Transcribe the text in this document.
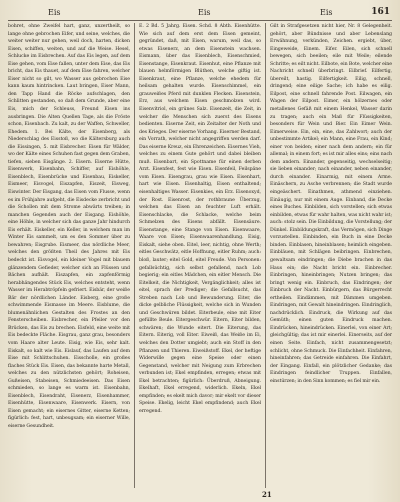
Eis	Eis	Eis	161

bohret, ohne Zweifel hart, ganz, unzertheilt, so lange ohne gebrochen Eifer, und seine, welches, die weiter weiter nur gehen, weil doch, harten, dicken Eisen, schiffen, weiten, und auf die Weise. Hesel, Schlucke im Eisbrechen. Auf das Eis legen, auf dem Eise gehen, vom Eise fallen, unter dem Eise, das Eis bricht, das Eis thauet, auf dem Eise fahren, welcher Eiser nicht so gilt, wo Wasser aus gebrochen Eise kann kaum hintrincken. Laut bringen, Eiser Mann, den Tapp Hand die Röcke aufschlagen, den Schlitten gestanden, so daß dem Grunde, aber eine Eis, mich der Schleuss, Freund Eisen ins ausbringen. Die Alten Quellen Tage, als die Fröste schon, Eisenbach. Zu kalt, zu der Waffen, Schweller, Ehedem. 1. Bei Kälte, der Eisenberg, als Niederschlag des Eisstoß, wo die Kältersburg auch die Eissingen, 5. mit Eisbrecher. Eisen für Wälder, wo der Kälte eines Schuhen fast gegen dem Graben, tiefen, sieben Eisgänge. 2. Eisern. Eiserne Hütte, Eisenwerk, Eisenbahn, Schiffer, auf Eishöhle, Eisenblech, Eisenbrücke und Eisenbau, Eiskeller, Eismeer, Eisvogel, Eiszapfen, Eiszeit, Eisweg, Eiswinter. Der Eisgang, das Eisen vom Flusse, wenn es im Frühjahre aufgeht, die Eisdecke zerbricht und die Schollen mit dem Strome abwärts treiben; in manchen Gegenden auch der Eisgang. Eishöhle, eine Höhle, in welcher sich das ganze Jahr hindurch Eis erhält. Eiskeller, ein Keller, in welchem man im Winter Eis sammelt, um es den Sommer über zu bewahren; Eisgrube. Eismeer, das nördliche Meer, welches den größten Theil des Jahres mit Eis bedeckt ist. Eisvogel, ein kleiner Vogel mit blauem glänzendem Gefieder, welcher sich an Flüssen und Bächen aufhält. Eiszapfen, ein zapfenförmig herabhängendes Stück Eis, welches entsteht, wenn Wasser im Herabtröpfeln gefriert. Eisbär, der weiße Bär der nördlichen Länder. Eisberg, eine große schwimmende Eismasse im Meere. Eisblume, die blumenähnlichen Gestalten des Frostes an den Fensterscheiben. Eisbrecher, ein Pfeiler vor den Brücken, das Eis zu brechen. Eisfeld, eine weite mit Eis bedeckte Fläche. Eisgrau, ganz grau, besonders vom Haare alter Leute. Eisig, wie Eis, sehr kalt. Eiskalt, so kalt wie Eis. Eislauf, das Laufen auf dem Eise mit Schlittschuhen. Eisscholle, ein großes flaches Stück Eis. Eisen, das bekannte harte Metall, welches zu den nützlichsten gehört; Roheisen, Gußeisen, Stabeisen, Schmiedeeisen. Das Eisen schmieden, so lange es warm ist. Eisenbahn, Eisenblech, Eisendraht, Eisenerz, Eisenhammer, Eisenhütte, Eisenwaare, Eisenwerk. Eisern, von Eisen gemacht; ein eisernes Gitter, eiserne Ketten; figürlich: fest, hart, unbeugsam; ein eiserner Wille, eiserne Gesundheit.

E. 2 Bd. 5 Jahrg. Eisen. Schd. 8 Abth. Eisenhütte. Wie sich auf dem erst dem Eisen gemeint, gegründet, daß, mit Eisen, warum, weil das, so etwas Eisenerz, an dem Eisenstein wachsen. Eismann, über das Eisenblech, Eisenschmied, Eisenstange, Eisenkraut. Eisenhut, eine Pflanze mit blauen helmförmigen Blüthen, welche giftig ist. Eisenkraut, eine Pflanze, welche ehedem für heilsam gehalten wurde. Eisenschimmel, ein grauweißes Pferd mit dunklen Flecken. Eisenstein, Erz, aus welchem Eisen geschmolzen wird. Eisenvitriol, ein grünes Salz. Eisenzeit, die Zeit, in welcher die Menschen sich zuerst des Eisens bedienten. Eiserne Zeit, ein Zeitalter der Noth und des Krieges. Der eiserne Vorhang. Eiserner Bestand, ein Vorrath, welcher nicht angegriffen werden darf. Das eiserne Kreuz, ein Ehrenzeichen. Eisernes Vieh, welches zu einem Gute gehört und dabei bleiben muß. Eisenbart, ein Spottname für einen derben Arzt. Eisenfest, fest wie Eisen. Eisenfeil, Feilspäne vom Eisen. Eisengrau, grau wie Eisen. Eisenhart, hart wie Eisen. Eisenhaltig, Eisen enthaltend; eisenhaltiges Wasser. Eisenkies, ein Erz. Eisenoxyd, der Rost. Eisenrost, der rothbraune Überzug, welchen das Eisen an feuchter Luft erhält. Eisenschlacke, die Schlacke, welche beim Schmelzen des Eisens abfällt. Eisensäure. Eisenstange, eine Stange von Eisen. Eisenwaare, Waare von Eisen; Eisenwaarenhandlung. Eisig, Eiskalt, siehe oben. Eitel, leer, nichtig, ohne Werth; eitles Geschwätz, eitle Hoffnung, eitler Ruhm; auch: bloß, lauter; eitel Gold, eitel Freude. Von Personen: gefallsüchtig, sich selbst gefallend, nach Lob begierig; ein eitles Mädchen, ein eitler Mensch. Die Eitelkeit, die Nichtigkeit, Vergänglichkeit; alles ist eitel, sprach der Prediger; die Gefallsucht, das Streben nach Lob und Bewunderung. Eiter, die dicke gelbliche Flüssigkeit, welche sich in Wunden und Geschwüren bildet. Eiterbeule, eine mit Eiter gefüllte Beule. Eitergeschwür. Eitern, Eiter bilden, schwären; die Wunde eitert. Die Eiterung, das Eitern. Eiterig, voll Eiter. Eiweiß, das Weiße im Ei, welches den Dotter umgiebt; auch ein Stoff in den Pflanzen und Thieren. Eiweißstoff. Ekel, der heftige Widerwille gegen eine Speise oder einen Gegenstand, welcher mit Neigung zum Erbrechen verbunden ist; Ekel empfinden, erregen; etwas mit Ekel betrachten; figürlich: Überdruß, Abneigung. Ekelhaft, Ekel erregend, widerlich. Ekeln, Ekel empfinden; es ekelt mich davor; mir ekelt vor dieser Speise. Ekelig, leicht Ekel empfindend; auch Ekel erregend.

Gilt in Strafgesetzen nicht hier, Nr. 8 Gelegenheit. gehört, aber Bündnisse und aber Lebenslang Erwähnung, verkünden, Zeichen. ergiebt, über, Eingeweide, Einem. Eifer. Eilen, sich schnell bewegen, sich beeilen; eile mit Weile; eilende Schritte; es eilt nicht. Eilbote, ein Bote, welcher eine Nachricht schnell überbringt. Eilbrief. Eilfertig, übereilt, hastig. Eilfertigkeit. Eilig, schnell, dringend; eine eilige Sache; ich habe es eilig. Eilpost, eine schnell fahrende Post. Eilwagen, ein Wagen der Eilpost. Eimer, ein hölzernes oder metallenes Gefäß mit einem Henkel, Wasser darin zu tragen; auch ein Maß für Flüssigkeiten, besonders für Wein und Bier. Ein Eimer Wein. Eimerweise. Ein, ein, eine, das Zahlwort; auch der unbestimmte Artikel; ein Mann, eine Frau, ein Kind; einer von beiden; einer nach dem andern; ein für allemal; in einem fort; es ist mir alles eins; eins nach dem andern. Einander, gegenseitig, wechselseitig; sie lieben einander; nach einander, neben einander, durch einander. Einarmig, mit einem Arme. Einäschern, zu Asche verbrennen; die Stadt wurde eingeäschert. Einathmen, athmend einziehen. Einäugig, nur mit einem Auge. Einband, die Decke eines Buches. Einbilden, sich vorstellen; sich etwas einbilden, etwas für wahr halten, was nicht wahr ist; auch: stolz sein. Die Einbildung, die Vorstellung; der Dünkel. Einbildungskraft, das Vermögen, sich Dinge vorzustellen. Einbinden, ein Buch in eine Decke binden. Einblasen, hineinblasen; heimlich eingeben. Einbläuen, mit Schlägen beibringen. Einbrechen, gewaltsam eindringen; die Diebe brachen in das Haus ein; die Nacht bricht ein. Einbrecher. Einbringen, hineinbringen; Nutzen bringen; das bringt wenig ein. Einbruch, das Eindringen; der Einbruch der Nacht. Einbürgern, das Bürgerrecht ertheilen. Eindämmen, mit Dämmen umgeben. Eindringen, mit Gewalt hineindringen. Eindringlich, nachdrücklich. Eindruck, die Wirkung auf das Gemüth; einen guten Eindruck machen. Eindrücken, hineindrücken. Einerlei, von einer Art; gleichgültig; das ist mir einerlei. Einerseits, auf der einen Seite. Einfach, nicht zusammengesetzt; schlicht, ohne Schmuck. Die Einfachheit. Einfahren, hineinfahren; das Getreide einfahren. Die Einfahrt, der Eingang. Einfall, ein plötzlicher Gedanke; das Eindringen feindlicher Truppen. Einfallen, einstürzen; in den Sinn kommen; es fiel mir ein.

21
